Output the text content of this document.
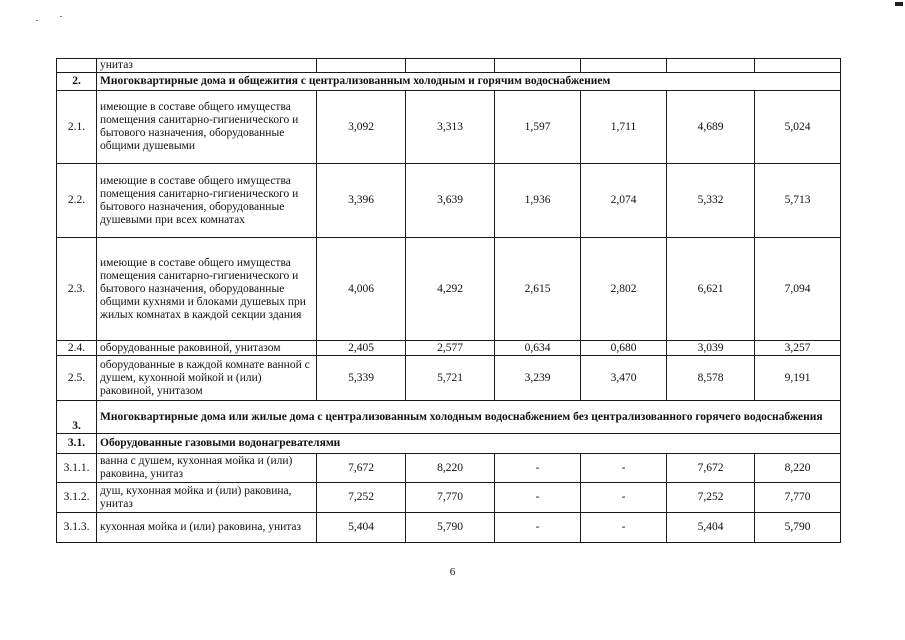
	унитаз						
2.	Многоквартирные дома и общежития с централизованным холодным и горячим водоснабжением						
2.1.	имеющие в составе общего имущества помещения санитарно-гигиенического и бытового назначения, оборудованные общими душевыми	3,092	3,313	1,597	1,711	4,689	5,024
2.2.	имеющие в составе общего имущества помещения санитарно-гигиенического и бытового назначения, оборудованные душевыми при всех комнатах	3,396	3,639	1,936	2,074	5,332	5,713
2.3.	имеющие в составе общего имущества помещения санитарно-гигиенического и бытового назначения, оборудованные общими кухнями и блоками душевых при жилых комнатах в каждой секции здания	4,006	4,292	2,615	2,802	6,621	7,094
2.4.	оборудованные раковиной, унитазом	2,405	2,577	0,634	0,680	3,039	3,257
2.5.	оборудованные в каждой комнате ванной с душем, кухонной мойкой и (или) раковиной, унитазом	5,339	5,721	3,239	3,470	8,578	9,191
3.	Многоквартирные дома или жилые дома с централизованным холодным водоснабжением без централизованного горячего водоснабжения						
3.1.	Оборудованные газовыми водонагревателями						
3.1.1.	ванна с душем, кухонная мойка и (или) раковина, унитаз	7,672	8,220	-	-	7,672	8,220
3.1.2.	душ, кухонная мойка и (или) раковина, унитаз	7,252	7,770	-	-	7,252	7,770
3.1.3.	кухонная мойка и (или) раковина, унитаз	5,404	5,790	-	-	5,404	5,790
6
